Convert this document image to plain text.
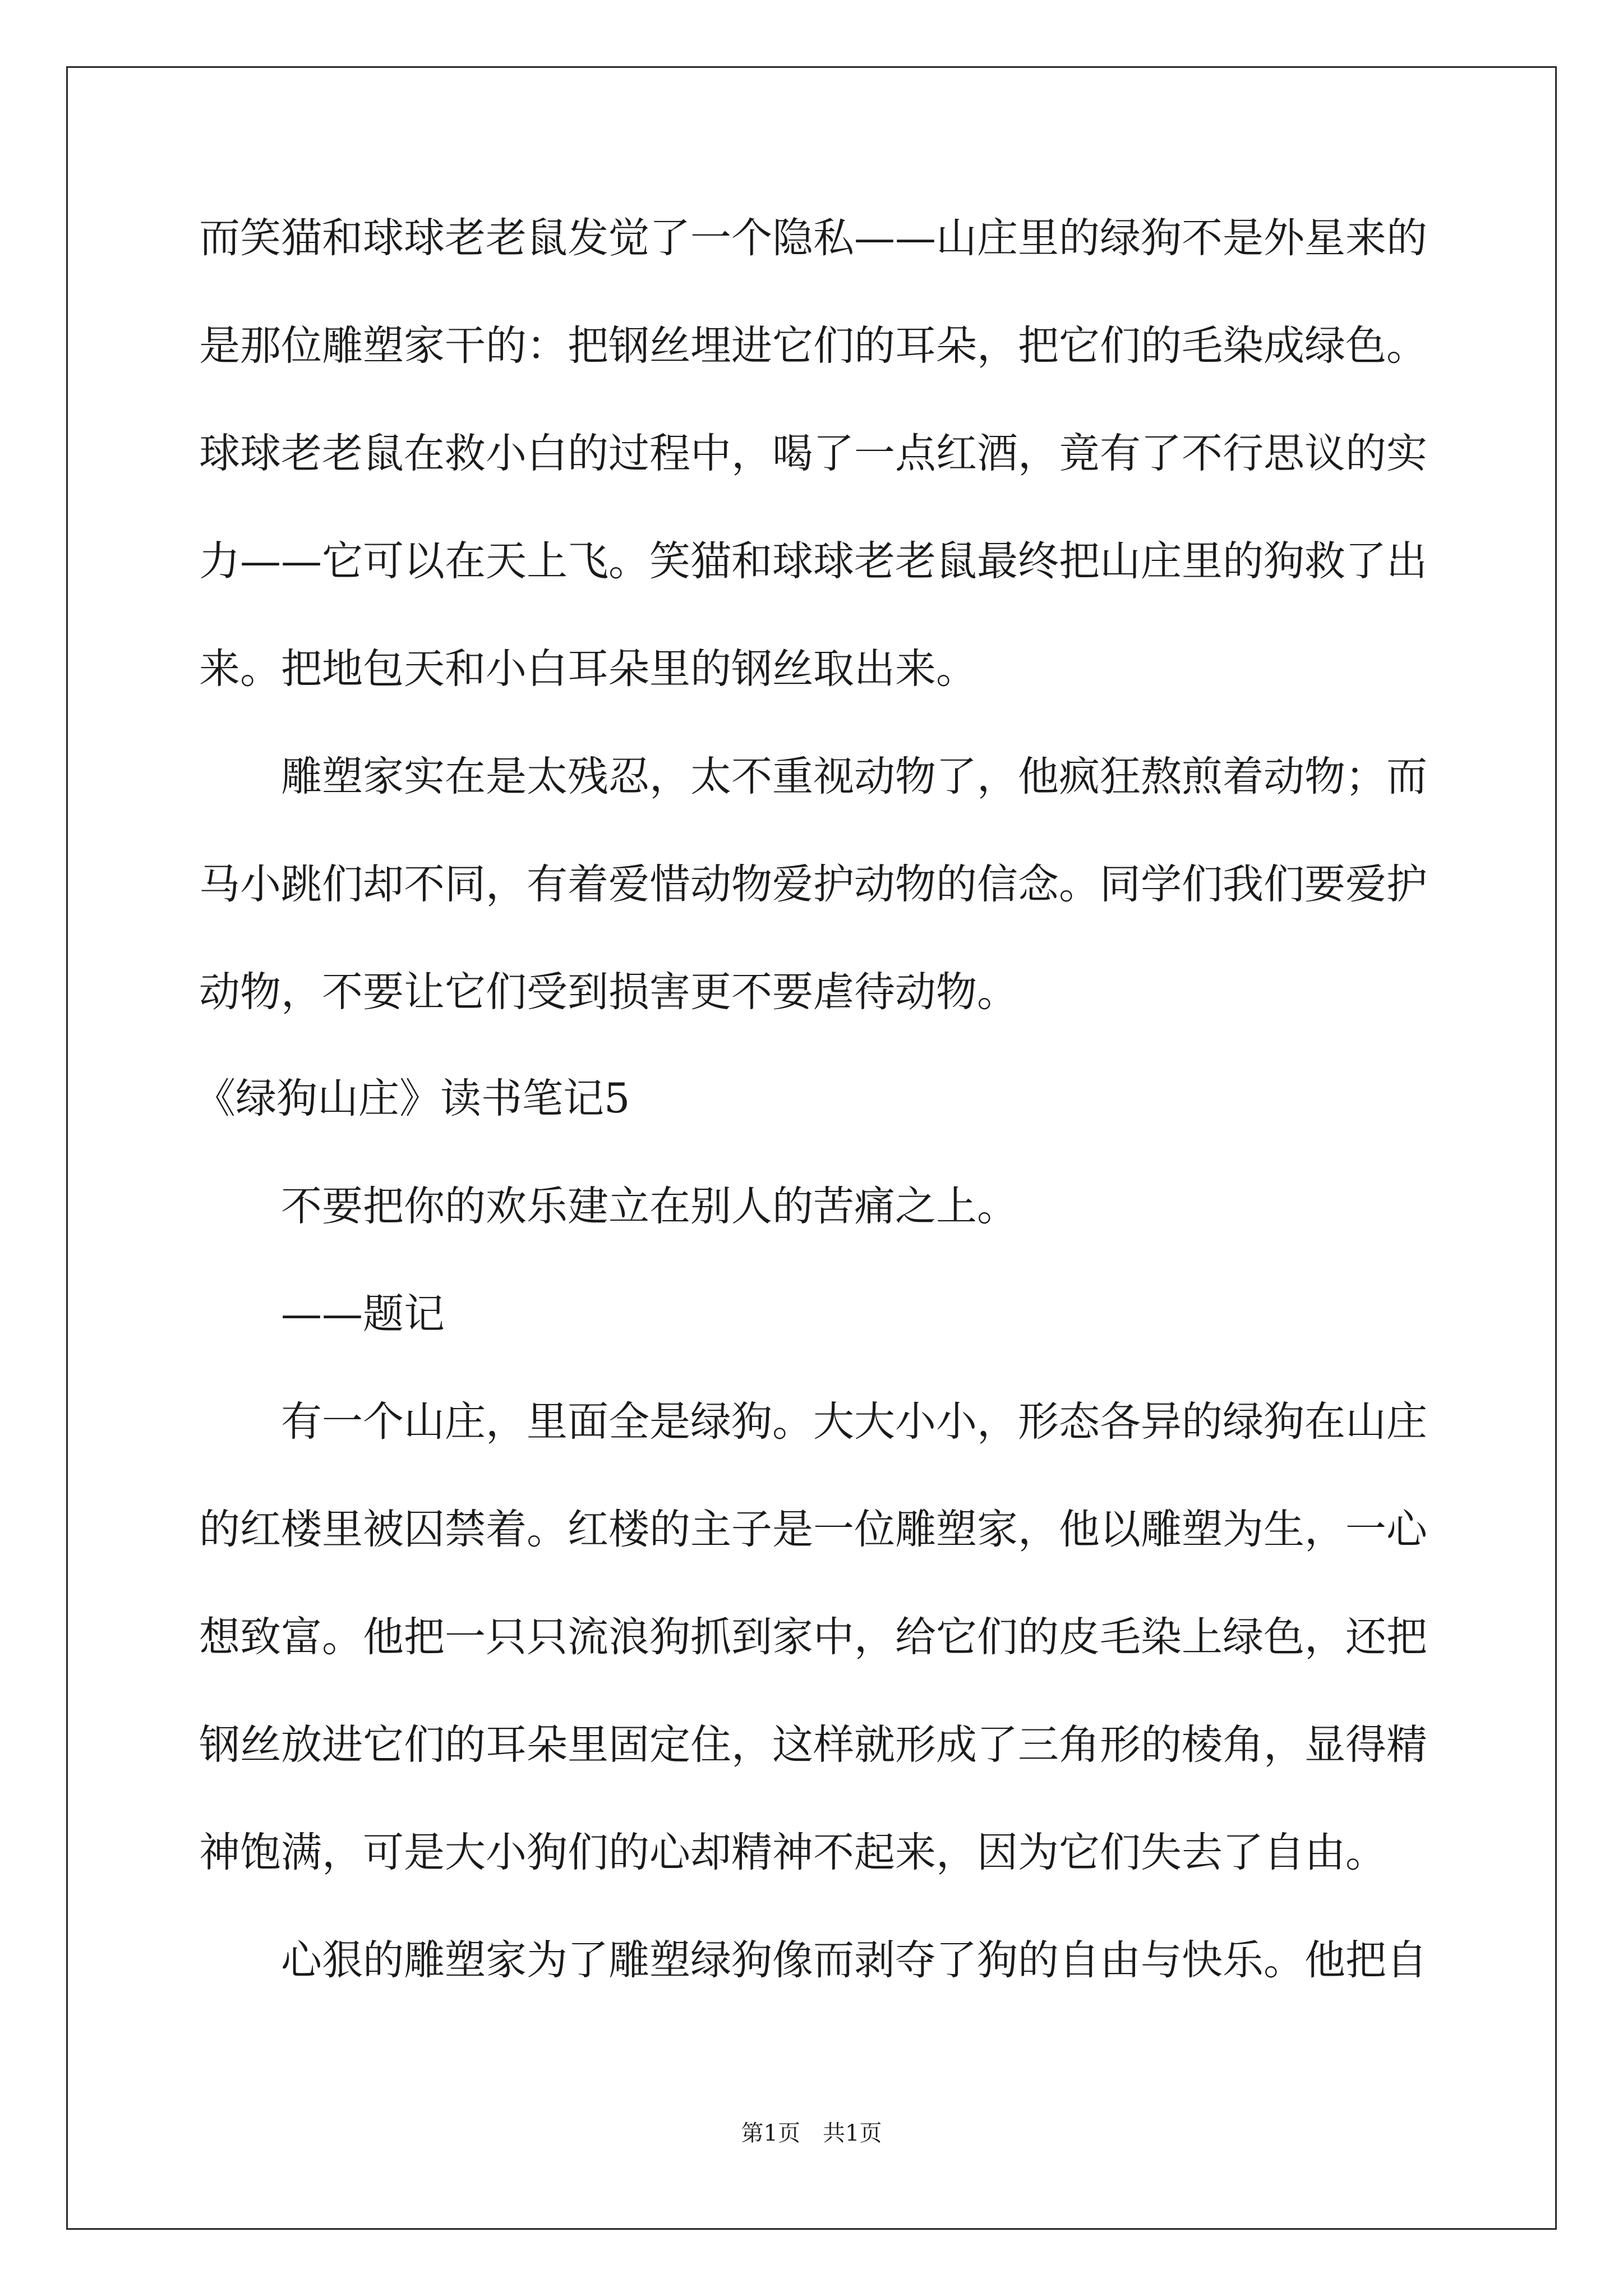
而笑猫和球球老老鼠发觉了一个隐私——山庄里的绿狗不是外星来的
是那位雕塑家干的：把钢丝埋进它们的耳朵，把它们的毛染成绿色。
球球老老鼠在救小白的过程中，喝了一点红酒，竟有了不行思议的实
力——它可以在天上飞。笑猫和球球老老鼠最终把山庄里的狗救了出
来。把地包天和小白耳朵里的钢丝取出来。
雕塑家实在是太残忍，太不重视动物了，他疯狂熬煎着动物；而
马小跳们却不同，有着爱惜动物爱护动物的信念。同学们我们要爱护
动物，不要让它们受到损害更不要虐待动物。
《绿狗山庄》读书笔记5
不要把你的欢乐建立在别人的苦痛之上。
——题记
有一个山庄，里面全是绿狗。大大小小，形态各异的绿狗在山庄
的红楼里被囚禁着。红楼的主子是一位雕塑家，他以雕塑为生，一心
想致富。他把一只只流浪狗抓到家中，给它们的皮毛染上绿色，还把
钢丝放进它们的耳朵里固定住，这样就形成了三角形的棱角，显得精
神饱满，可是大小狗们的心却精神不起来，因为它们失去了自由。
心狠的雕塑家为了雕塑绿狗像而剥夺了狗的自由与快乐。他把自
第1页　共1页
